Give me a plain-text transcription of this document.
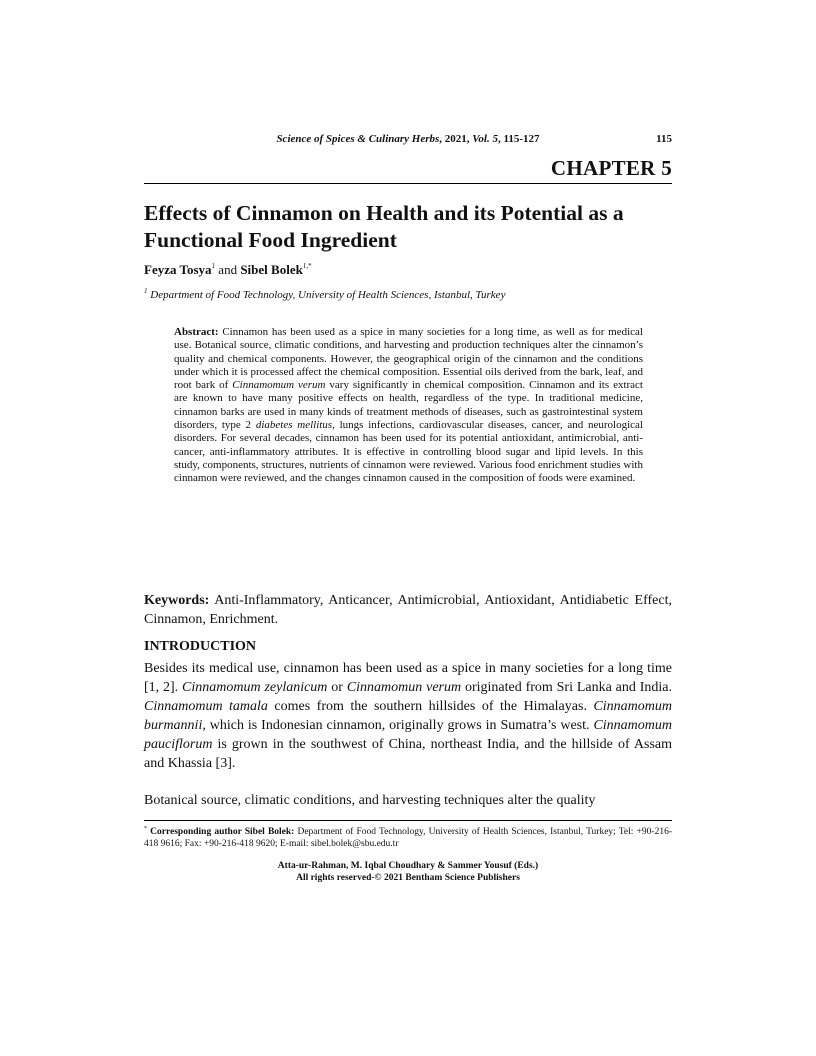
Science of Spices & Culinary Herbs, 2021, Vol. 5, 115-127	115
CHAPTER 5
Effects of Cinnamon on Health and its Potential as a Functional Food Ingredient
Feyza Tosya$^1$ and Sibel Bolek$^{1,*}$
$^1$ Department of Food Technology, University of Health Sciences, Istanbul, Turkey

Abstract: Cinnamon has been used as a spice in many societies for a long time, as well as for medical use. Botanical source, climatic conditions, and harvesting and production techniques alter the cinnamon’s quality and chemical components. However, the geographical origin of the cinnamon and the conditions under which it is processed affect the chemical composition. Essential oils derived from the bark, leaf, and root bark of Cinnamomum verum vary significantly in chemical composition. Cinnamon and its extract are known to have many positive effects on health, regardless of the type. In traditional medicine, cinnamon barks are used in many kinds of treatment methods of diseases, such as gastrointestinal system disorders, type 2 diabetes mellitus, lungs infections, cardiovascular diseases, cancer, and neurological disorders. For several decades, cinnamon has been used for its potential antioxidant, antimicrobial, anti-cancer, anti-inflammatory attributes. It is effective in controlling blood sugar and lipid levels. In this study, components, structures, nutrients of cinnamon were reviewed. Various food enrichment studies with cinnamon were reviewed, and the changes cinnamon caused in the composition of foods were examined.

Keywords: Anti-Inflammatory, Anticancer, Antimicrobial, Antioxidant, Antidiabetic Effect, Cinnamon, Enrichment.

INTRODUCTION

Besides its medical use, cinnamon has been used as a spice in many societies for a long time [1, 2]. Cinnamomum zeylanicum or Cinnamomun verum originated from Sri Lanka and India. Cinnamomum tamala comes from the southern hillsides of the Himalayas. Cinnamomum burmannii, which is Indonesian cinnamon, originally grows in Sumatra’s west. Cinnamomum pauciflorum is grown in the southwest of China, northeast India, and the hillside of Assam and Khassia [3].

Botanical source, climatic conditions, and harvesting techniques alter the quality

* Corresponding author Sibel Bolek: Department of Food Technology, University of Health Sciences, Istanbul, Turkey; Tel: +90-216-418 9616; Fax: +90-216-418 9620; E-mail: sibel.bolek@sbu.edu.tr

Atta-ur-Rahman, M. Iqbal Choudhary & Sammer Yousuf (Eds.)
All rights reserved-© 2021 Bentham Science Publishers
